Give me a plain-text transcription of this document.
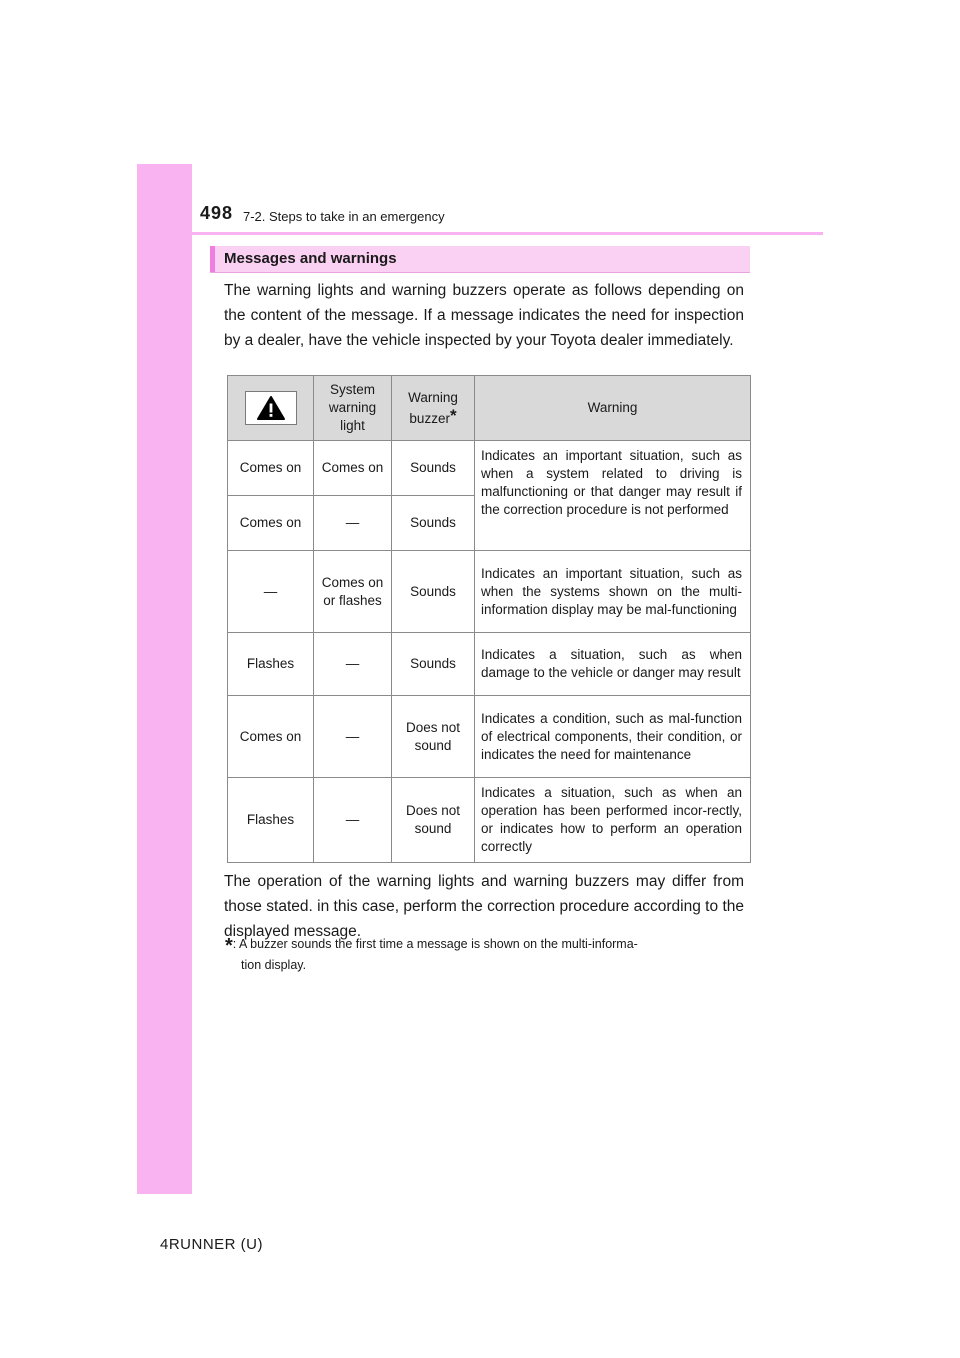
498 7-2. Steps to take in an emergency
Messages and warnings
The warning lights and warning buzzers operate as follows depending on the content of the message. If a message indicates the need for inspection by a dealer, have the vehicle inspected by your Toyota dealer immediately.
	System warning light	Warning buzzer*	Warning
Comes on	Comes on	Sounds	Indicates an important situation, such as when a system related to driving is malfunctioning or that danger may result if the correction procedure is not performed
Comes on	—	Sounds	
—	Comes on or flashes	Sounds	Indicates an important situation, such as when the systems shown on the multi-information display may be mal-functioning
Flashes	—	Sounds	Indicates a situation, such as when damage to the vehicle or danger may result
Comes on	—	Does not sound	Indicates a condition, such as mal-function of electrical components, their condition, or indicates the need for maintenance
Flashes	—	Does not sound	Indicates a situation, such as when an operation has been performed incor-rectly, or indicates how to perform an operation correctly
The operation of the warning lights and warning buzzers may differ from those stated. in this case, perform the correction procedure according to the displayed message.
*: A buzzer sounds the first time a message is shown on the multi-informa-
tion display.
4RUNNER (U)
